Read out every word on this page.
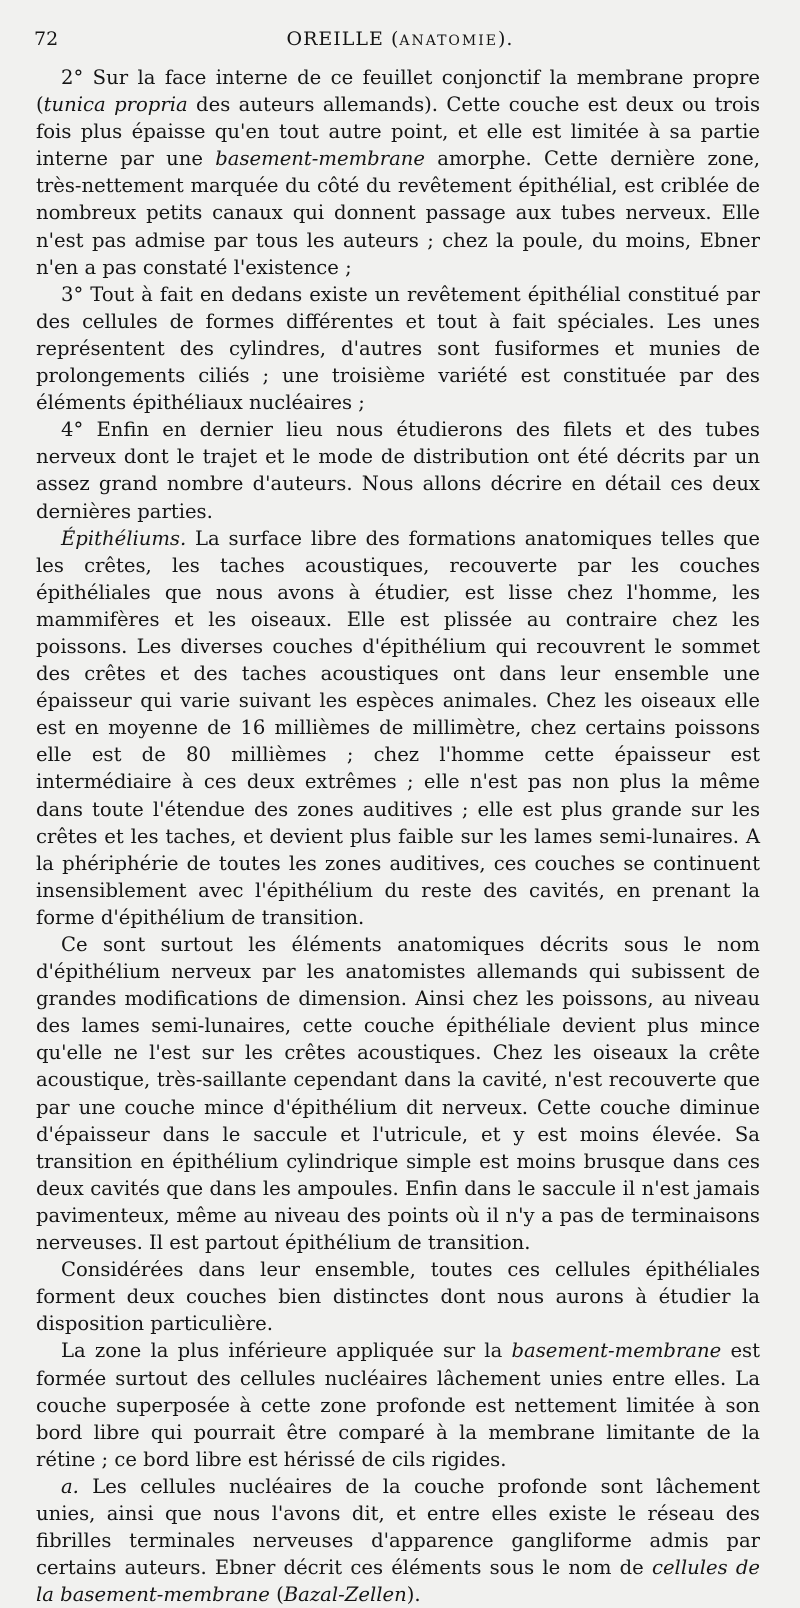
72	OREILLE (ANATOMIE).

2° Sur la face interne de ce feuillet conjonctif la membrane propre (tunica propria des auteurs allemands). Cette couche est deux ou trois fois plus épaisse qu'en tout autre point, et elle est limitée à sa partie interne par une basement-membrane amorphe. Cette dernière zone, très-nettement marquée du côté du revêtement épithélial, est criblée de nombreux petits canaux qui donnent passage aux tubes nerveux. Elle n'est pas admise par tous les auteurs ; chez la poule, du moins, Ebner n'en a pas constaté l'existence ;

3° Tout à fait en dedans existe un revêtement épithélial constitué par des cellules de formes différentes et tout à fait spéciales. Les unes représentent des cylindres, d'autres sont fusiformes et munies de prolongements ciliés ; une troisième variété est constituée par des éléments épithéliaux nucléaires ;

4° Enfin en dernier lieu nous étudierons des filets et des tubes nerveux dont le trajet et le mode de distribution ont été décrits par un assez grand nombre d'auteurs. Nous allons décrire en détail ces deux dernières parties.

Épithéliums. La surface libre des formations anatomiques telles que les crêtes, les taches acoustiques, recouverte par les couches épithéliales que nous avons à étudier, est lisse chez l'homme, les mammifères et les oiseaux. Elle est plissée au contraire chez les poissons. Les diverses couches d'épithélium qui recouvrent le sommet des crêtes et des taches acoustiques ont dans leur ensemble une épaisseur qui varie suivant les espèces animales. Chez les oiseaux elle est en moyenne de 16 millièmes de millimètre, chez certains poissons elle est de 80 millièmes ; chez l'homme cette épaisseur est intermédiaire à ces deux extrêmes ; elle n'est pas non plus la même dans toute l'étendue des zones auditives ; elle est plus grande sur les crêtes et les taches, et devient plus faible sur les lames semi-lunaires. A la phériphérie de toutes les zones auditives, ces couches se continuent insensiblement avec l'épithélium du reste des cavités, en prenant la forme d'épithélium de transition.

Ce sont surtout les éléments anatomiques décrits sous le nom d'épithélium nerveux par les anatomistes allemands qui subissent de grandes modifications de dimension. Ainsi chez les poissons, au niveau des lames semi-lunaires, cette couche épithéliale devient plus mince qu'elle ne l'est sur les crêtes acoustiques. Chez les oiseaux la crête acoustique, très-saillante cependant dans la cavité, n'est recouverte que par une couche mince d'épithélium dit nerveux. Cette couche diminue d'épaisseur dans le saccule et l'utricule, et y est moins élevée. Sa transition en épithélium cylindrique simple est moins brusque dans ces deux cavités que dans les ampoules. Enfin dans le saccule il n'est jamais pavimenteux, même au niveau des points où il n'y a pas de terminaisons nerveuses. Il est partout épithélium de transition.

Considérées dans leur ensemble, toutes ces cellules épithéliales forment deux couches bien distinctes dont nous aurons à étudier la disposition particulière.

La zone la plus inférieure appliquée sur la basement-membrane est formée surtout des cellules nucléaires lâchement unies entre elles. La couche superposée à cette zone profonde est nettement limitée à son bord libre qui pourrait être comparé à la membrane limitante de la rétine ; ce bord libre est hérissé de cils rigides.

a. Les cellules nucléaires de la couche profonde sont lâchement unies, ainsi que nous l'avons dit, et entre elles existe le réseau des fibrilles terminales nerveuses d'apparence gangliforme admis par certains auteurs. Ebner décrit ces éléments sous le nom de cellules de la basement-membrane (Bazal-Zellen).
